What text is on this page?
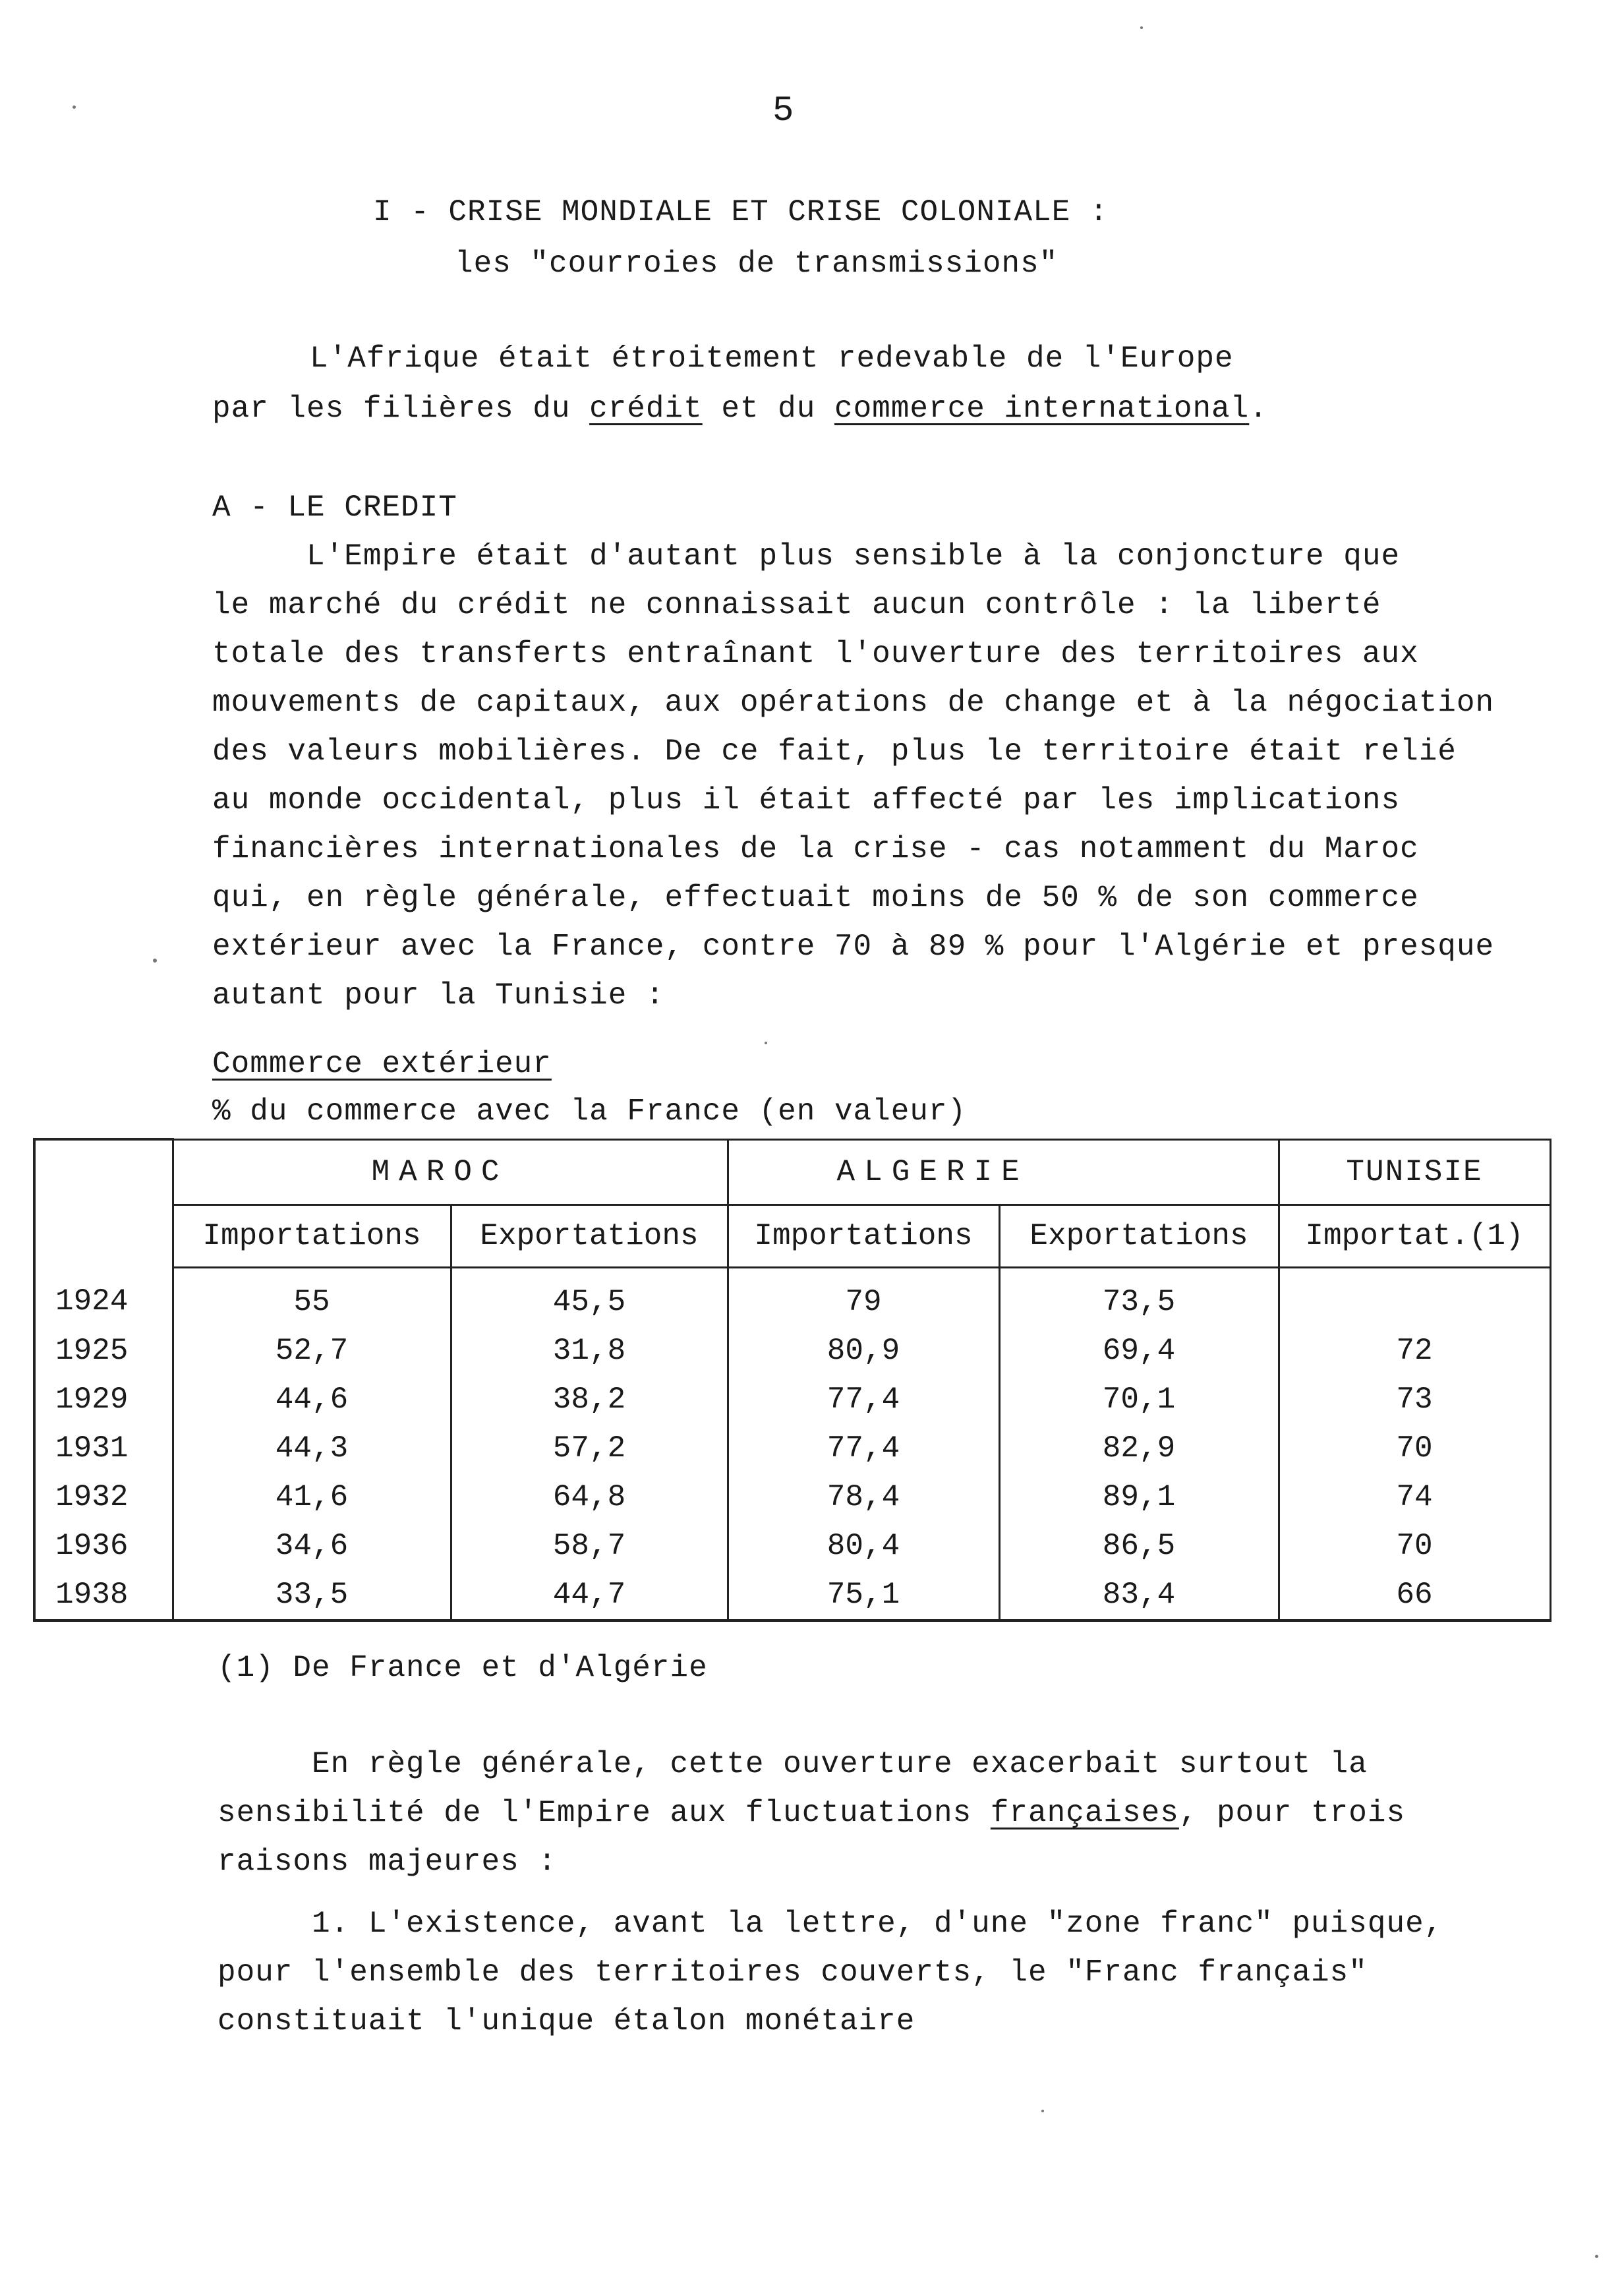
5
I - CRISE MONDIALE ET CRISE COLONIALE :
les "courroies de transmissions"
L'Afrique était étroitement redevable de l'Europe
par les filières du crédit et du commerce international.
A - LE CREDIT
L'Empire était d'autant plus sensible à la conjoncture que
le marché du crédit ne connaissait aucun contrôle : la liberté
totale des transferts entraînant l'ouverture des territoires aux
mouvements de capitaux, aux opérations de change et à la négociation
des valeurs mobilières. De ce fait, plus le territoire était relié
au monde occidental, plus il était affecté par les implications
financières internationales de la crise - cas notamment du Maroc
qui, en règle générale, effectuait moins de 50 % de son commerce
extérieur avec la France, contre 70 à 89 % pour l'Algérie et presque
autant pour la Tunisie :
Commerce extérieur
% du commerce avec la France (en valeur)
	MAROC		ALGERIE		TUNISIE
	Importations	Exportations	Importations	Exportations	Importat.(1)
1924	55	45,5	79	73,5	
1925	52,7	31,8	80,9	69,4	72
1929	44,6	38,2	77,4	70,1	73
1931	44,3	57,2	77,4	82,9	70
1932	41,6	64,8	78,4	89,1	74
1936	34,6	58,7	80,4	86,5	70
1938	33,5	44,7	75,1	83,4	66
(1) De France et d'Algérie
En règle générale, cette ouverture exacerbait surtout la
sensibilité de l'Empire aux fluctuations françaises, pour trois
raisons majeures :
1. L'existence, avant la lettre, d'une "zone franc" puisque,
pour l'ensemble des territoires couverts, le "Franc français"
constituait l'unique étalon monétaire
